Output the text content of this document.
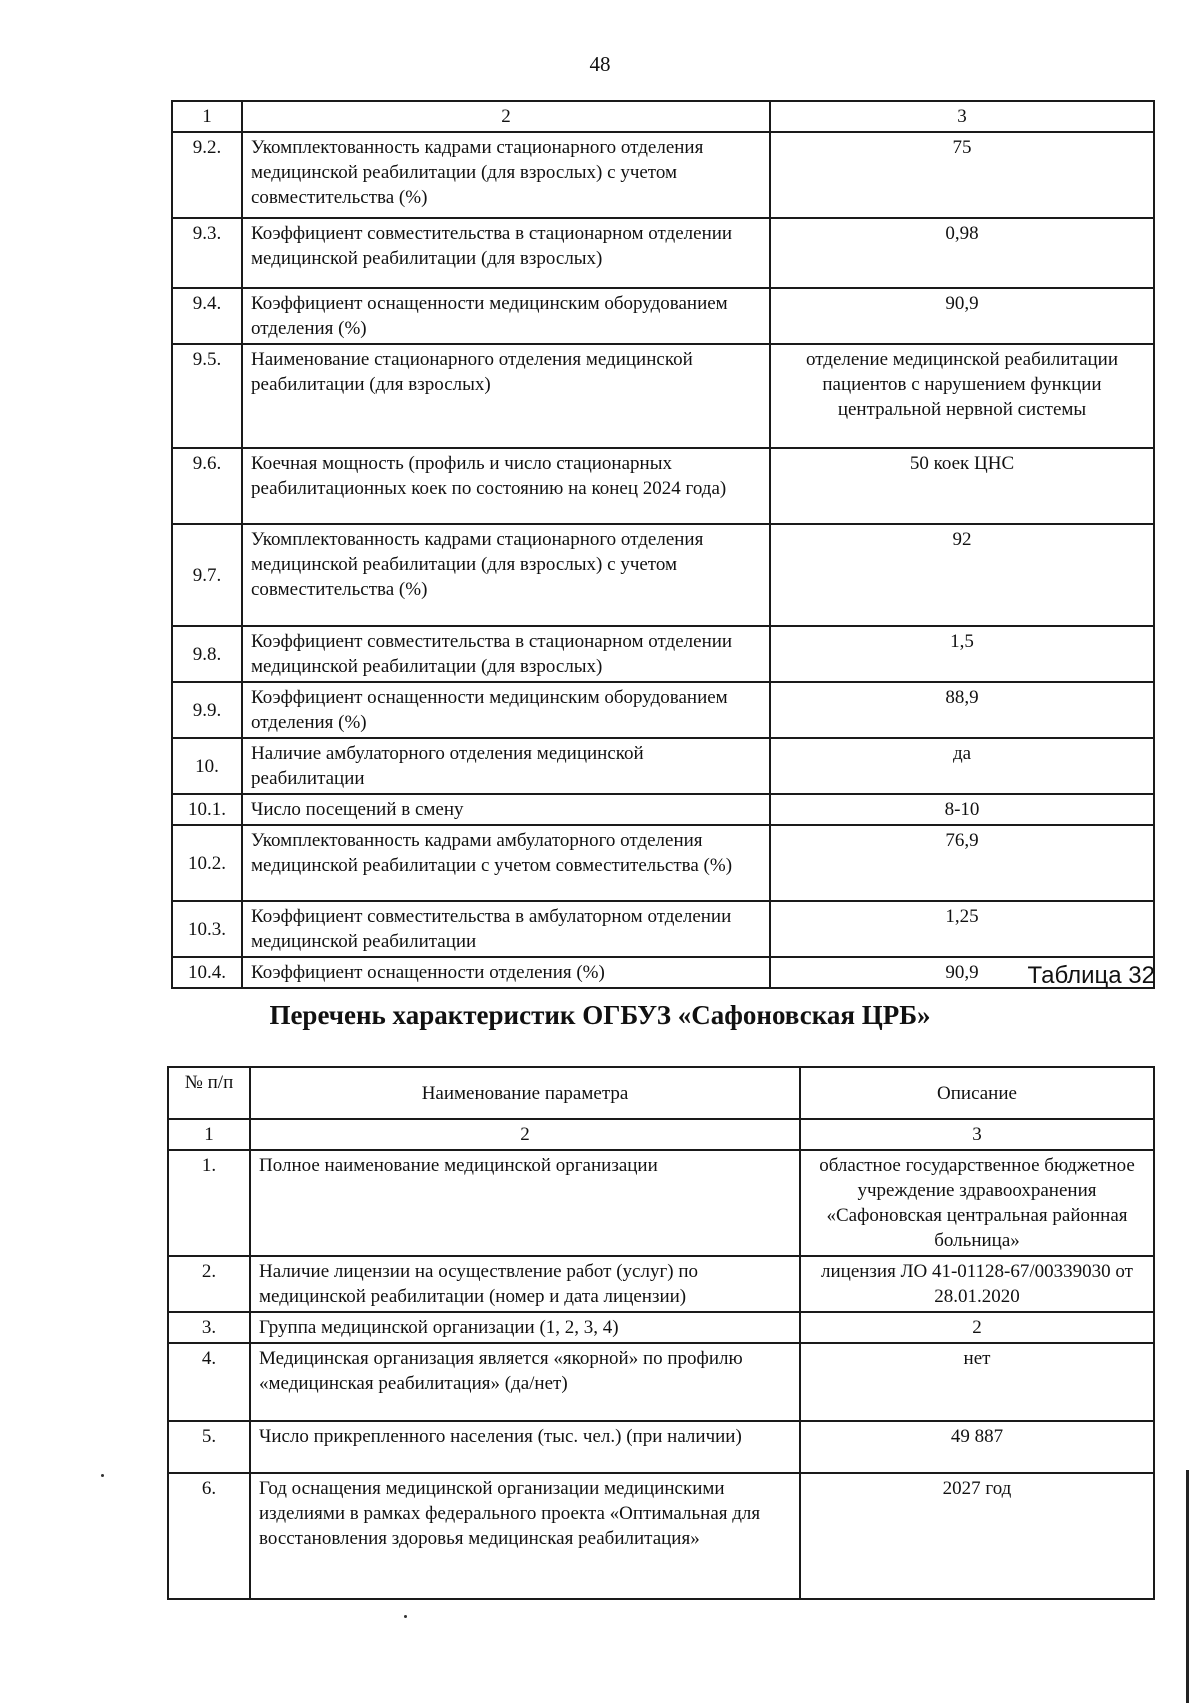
48
1	2	3
9.2.	Укомплектованность кадрами стационарного отделения медицинской реабилитации (для взрослых) с учетом совместительства (%)	75
9.3.	Коэффициент совместительства в стационарном отделении медицинской реабилитации (для взрослых)	0,98
9.4.	Коэффициент оснащенности медицинским оборудованием отделения (%)	90,9
9.5.	Наименование стационарного отделения медицинской реабилитации (для взрослых)	отделение медицинской реабилитации пациентов с нарушением функции центральной нервной системы
9.6.	Коечная мощность (профиль и число стационарных реабилитационных коек по состоянию на конец 2024 года)	50 коек ЦНС
9.7.	Укомплектованность кадрами стационарного отделения медицинской реабилитации (для взрослых) с учетом совместительства (%)	92
9.8.	Коэффициент совместительства в стационарном отделении медицинской реабилитации (для взрослых)	1,5
9.9.	Коэффициент оснащенности медицинским оборудованием отделения (%)	88,9
10.	Наличие амбулаторного отделения медицинской реабилитации	да
10.1.	Число посещений в смену	8-10
10.2.	Укомплектованность кадрами амбулаторного отделения медицинской реабилитации с учетом совместительства (%)	76,9
10.3.	Коэффициент совместительства в амбулаторном отделении медицинской реабилитации	1,25
10.4.	Коэффициент оснащенности отделения (%)	90,9 Таблица 32
Перечень характеристик ОГБУЗ «Сафоновская ЦРБ»
№ п/п	Наименование параметра	Описание
1	2	3
1.	Полное наименование медицинской организации	областное государственное бюджетное учреждение здравоохранения «Сафоновская центральная районная больница»
2.	Наличие лицензии на осуществление работ (услуг) по медицинской реабилитации (номер и дата лицензии)	лицензия ЛО 41-01128-67/00339030 от 28.01.2020
3.	Группа медицинской организации (1, 2, 3, 4)	2
4.	Медицинская организация является «якорной» по профилю «медицинская реабилитация» (да/нет)	нет
5.	Число прикрепленного населения (тыс. чел.) (при наличии)	49 887
6.	Год оснащения медицинской организации медицинскими изделиями в рамках федерального проекта «Оптимальная для восстановления здоровья медицинская реабилитация»	2027 год
